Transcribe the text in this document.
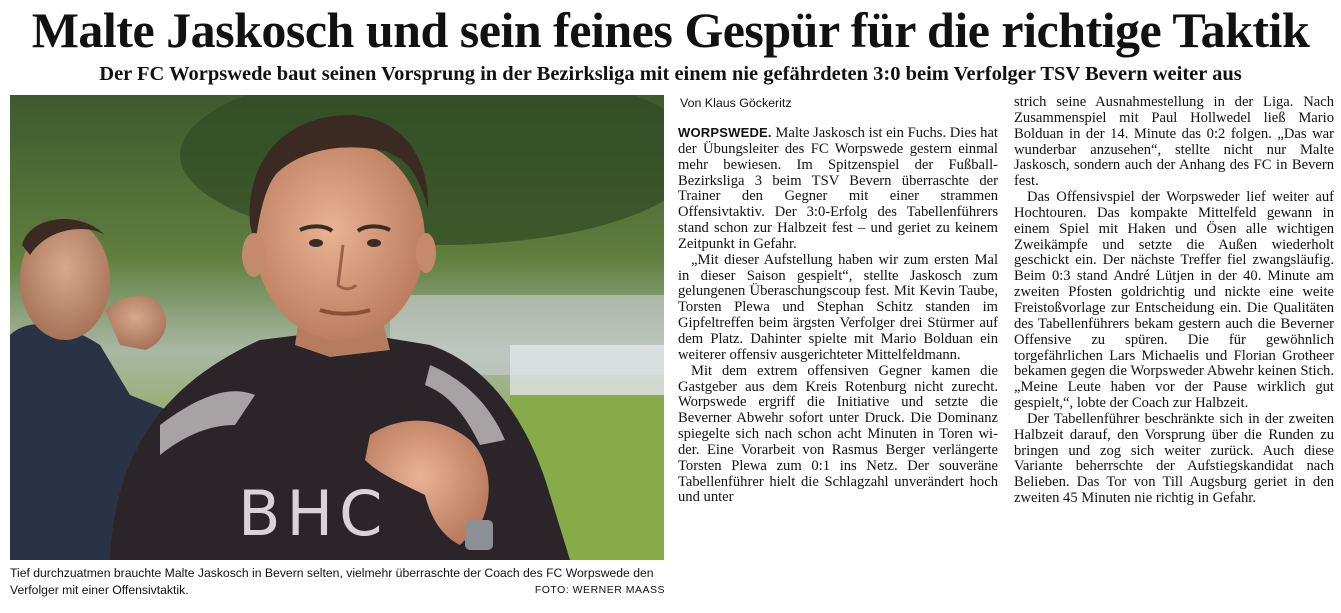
Malte Jaskosch und sein feines Gespür für die richtige Taktik
Der FC Worpswede baut seinen Vorsprung in der Bezirksliga mit einem nie gefährdeten 3:0 beim Verfolger TSV Bevern weiter aus
BHC
Tief durchzuatmen brauchte Malte Jaskosch in Bevern selten, vielmehr überraschte der Coach des FC Worpswede den Verfolger mit einer Offensivtaktik.	FOTO: WERNER MAASS
Von Klaus Göckeritz

WORPSWEDE. Malte Jaskosch ist ein Fuchs. Dies hat der Übungsleiter des FC Worpswede gestern einmal mehr bewiesen. Im Spitzenspiel der Fußball-Bezirksliga 3 beim TSV Bevern überraschte der Trainer den Gegner mit einer strammen Offensivtaktiv. Der 3:0-Erfolg des Tabellenführers stand schon zur Halbzeit fest – und geriet zu keinem Zeitpunkt in Gefahr.

„Mit dieser Aufstellung haben wir zum ersten Mal in dieser Saison gespielt“, stellte Jaskosch zum gelungenen Überaschungscoup fest. Mit Kevin Taube, Torsten Plewa und Stephan Schitz standen im Gipfeltreffen beim ärgsten Verfolger drei Stürmer auf dem Platz. Dahinter spielte mit Mario Bolduan ein weiterer offensiv ausgerichteter Mittelfeldmann.

Mit dem extrem offensiven Gegner kamen die Gastgeber aus dem Kreis Rotenburg nicht zurecht. Worpswede ergriff die Initiative und setzte die Beverner Abwehr sofort unter Druck. Die Dominanz spiegelte sich nach schon acht Minuten in Toren wider. Eine Vorarbeit von Rasmus Berger verlängerte Torsten Plewa zum 0:1 ins Netz. Der souveräne Tabellenführer hielt die Schlagzahl unverändert hoch und unter

strich seine Ausnahmestellung in der Liga. Nach Zusammenspiel mit Paul Hollwedel ließ Mario Bolduan in der 14. Minute das 0:2 folgen. „Das war wunderbar anzusehen“, stellte nicht nur Malte Jaskosch, sondern auch der Anhang des FC in Bevern fest.

Das Offensivspiel der Worpsweder lief weiter auf Hochtouren. Das kompakte Mittelfeld gewann in einem Spiel mit Haken und Ösen alle wichtigen Zweikämpfe und setzte die Außen wiederholt geschickt ein. Der nächste Treffer fiel zwangsläufig. Beim 0:3 stand André Lütjen in der 40. Minute am zweiten Pfosten goldrichtig und nickte eine weite Freistoßvorlage zur Entscheidung ein. Die Qualitäten des Tabellenführers bekam gestern auch die Beverner Offensive zu spüren. Die für gewöhnlich torgefährlichen Lars Michaelis und Florian Grotheer bekamen gegen die Worpsweder Abwehr keinen Stich. „Meine Leute haben vor der Pause wirklich gut gespielt,“, lobte der Coach zur Halbzeit.

Der Tabellenführer beschränkte sich in der zweiten Halbzeit darauf, den Vorsprung über die Runden zu bringen und zog sich weiter zurück. Auch diese Variante beherrschte der Aufstiegskandidat nach Belieben. Das Tor von Till Augsburg geriet in den zweiten 45 Minuten nie richtig in Gefahr.
